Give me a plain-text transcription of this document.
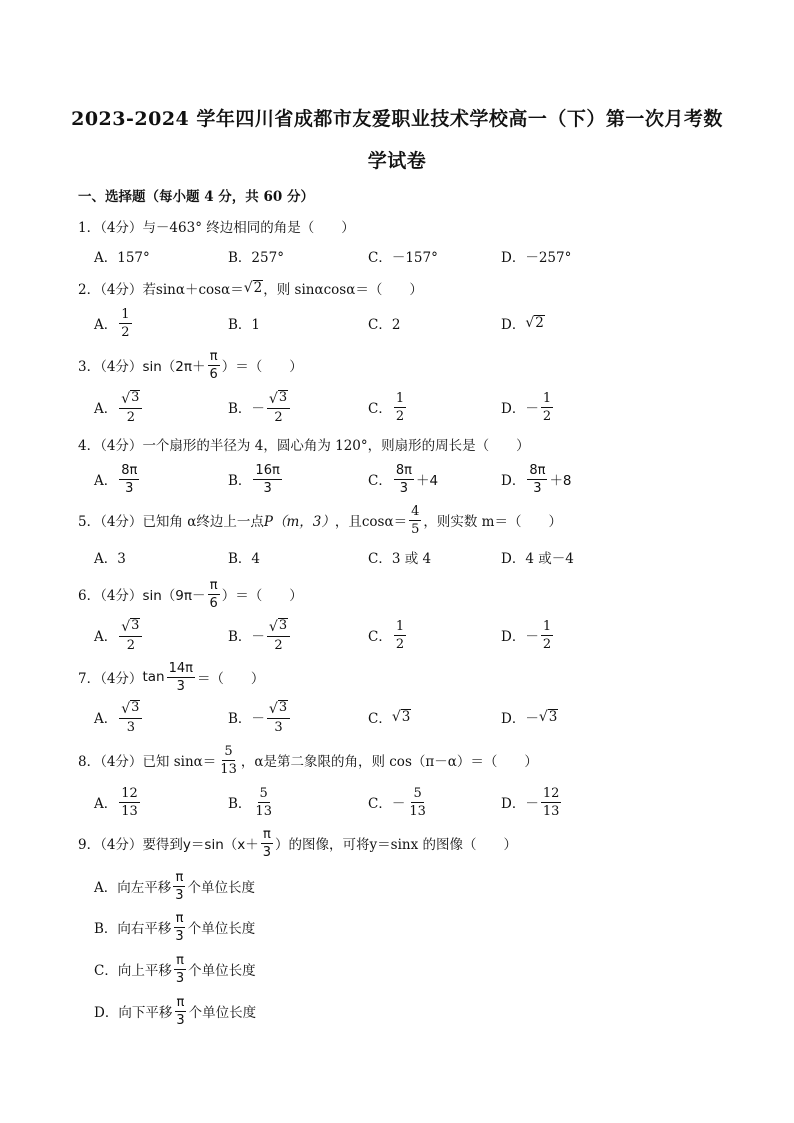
2023-2024 学年四川省成都市友爱职业技术学校高一（下）第一次月考数
学试卷
一、选择题（每小题 4 分，共 60 分）
1．（4分） 与－463° 终边相同的角是（　　）
A．157°	B．257°	C．－157°	D．－257°
2．（4分） 若sinα＋cosα＝ √ 2 ，则 sinαcosα＝（　　）
A． $\frac{1}{2}$	B．1	C．2	D． √ 2
3．（4分） $\sin(2\pi+ \frac{\pi}{6}$ ）＝（　　）
A． $\frac{√ 3}{2}$	B． － $\frac{√ 3}{2}$	C． $\frac{1}{2}$	D． － $\frac{1}{2}$
4．（4分） 一个扇形的半径为 4，圆心角为 120°，则扇形的周长是（　　）
A． $\frac{8\pi}{3}$	B． $\frac{16\pi}{3}$	C． $\frac{8\pi}{3} +4$	D． $\frac{8\pi}{3} +8$
5．（4分） 已知角 α终边上一点 P（m，3） ，且$\cos\alpha= \frac{4}{5}$ ，则实数 m＝（　　）
A．3	B．4	C．3 或 4	D．4 或－4
6．（4分） $\sin(9\pi- \frac{\pi}{6}$ ）＝（　　）
A． $\frac{√ 3}{2}$	B． － $\frac{√ 3}{2}$	C． $\frac{1}{2}$	D． － $\frac{1}{2}$
7．（4分） $\tan \frac{14\pi}{3}$ ＝（　　）
A． $\frac{√ 3}{3}$	B． － $\frac{√ 3}{3}$	C． √ 3	D．－ √ 3
8．（4分） 已知 $\sin\alpha= \frac{5}{13}$ ，α是第二象限的角，则 cos（π－α）＝（　　）
A． $\frac{12}{13}$	B． $\frac{5}{13}$	C．－ $\frac{5}{13}$	D．－ $\frac{12}{13}$
9．（4分） 要得到$y=\sin(x+ \frac{\pi}{3}$ ）的图像，可将y＝sinx 的图像（　　）
A．向左平移 $\frac{\pi}{3}$ 个单位长度
B．向右平移 $\frac{\pi}{3}$ 个单位长度
C．向上平移 $\frac{\pi}{3}$ 个单位长度
D．向下平移 $\frac{\pi}{3}$ 个单位长度
